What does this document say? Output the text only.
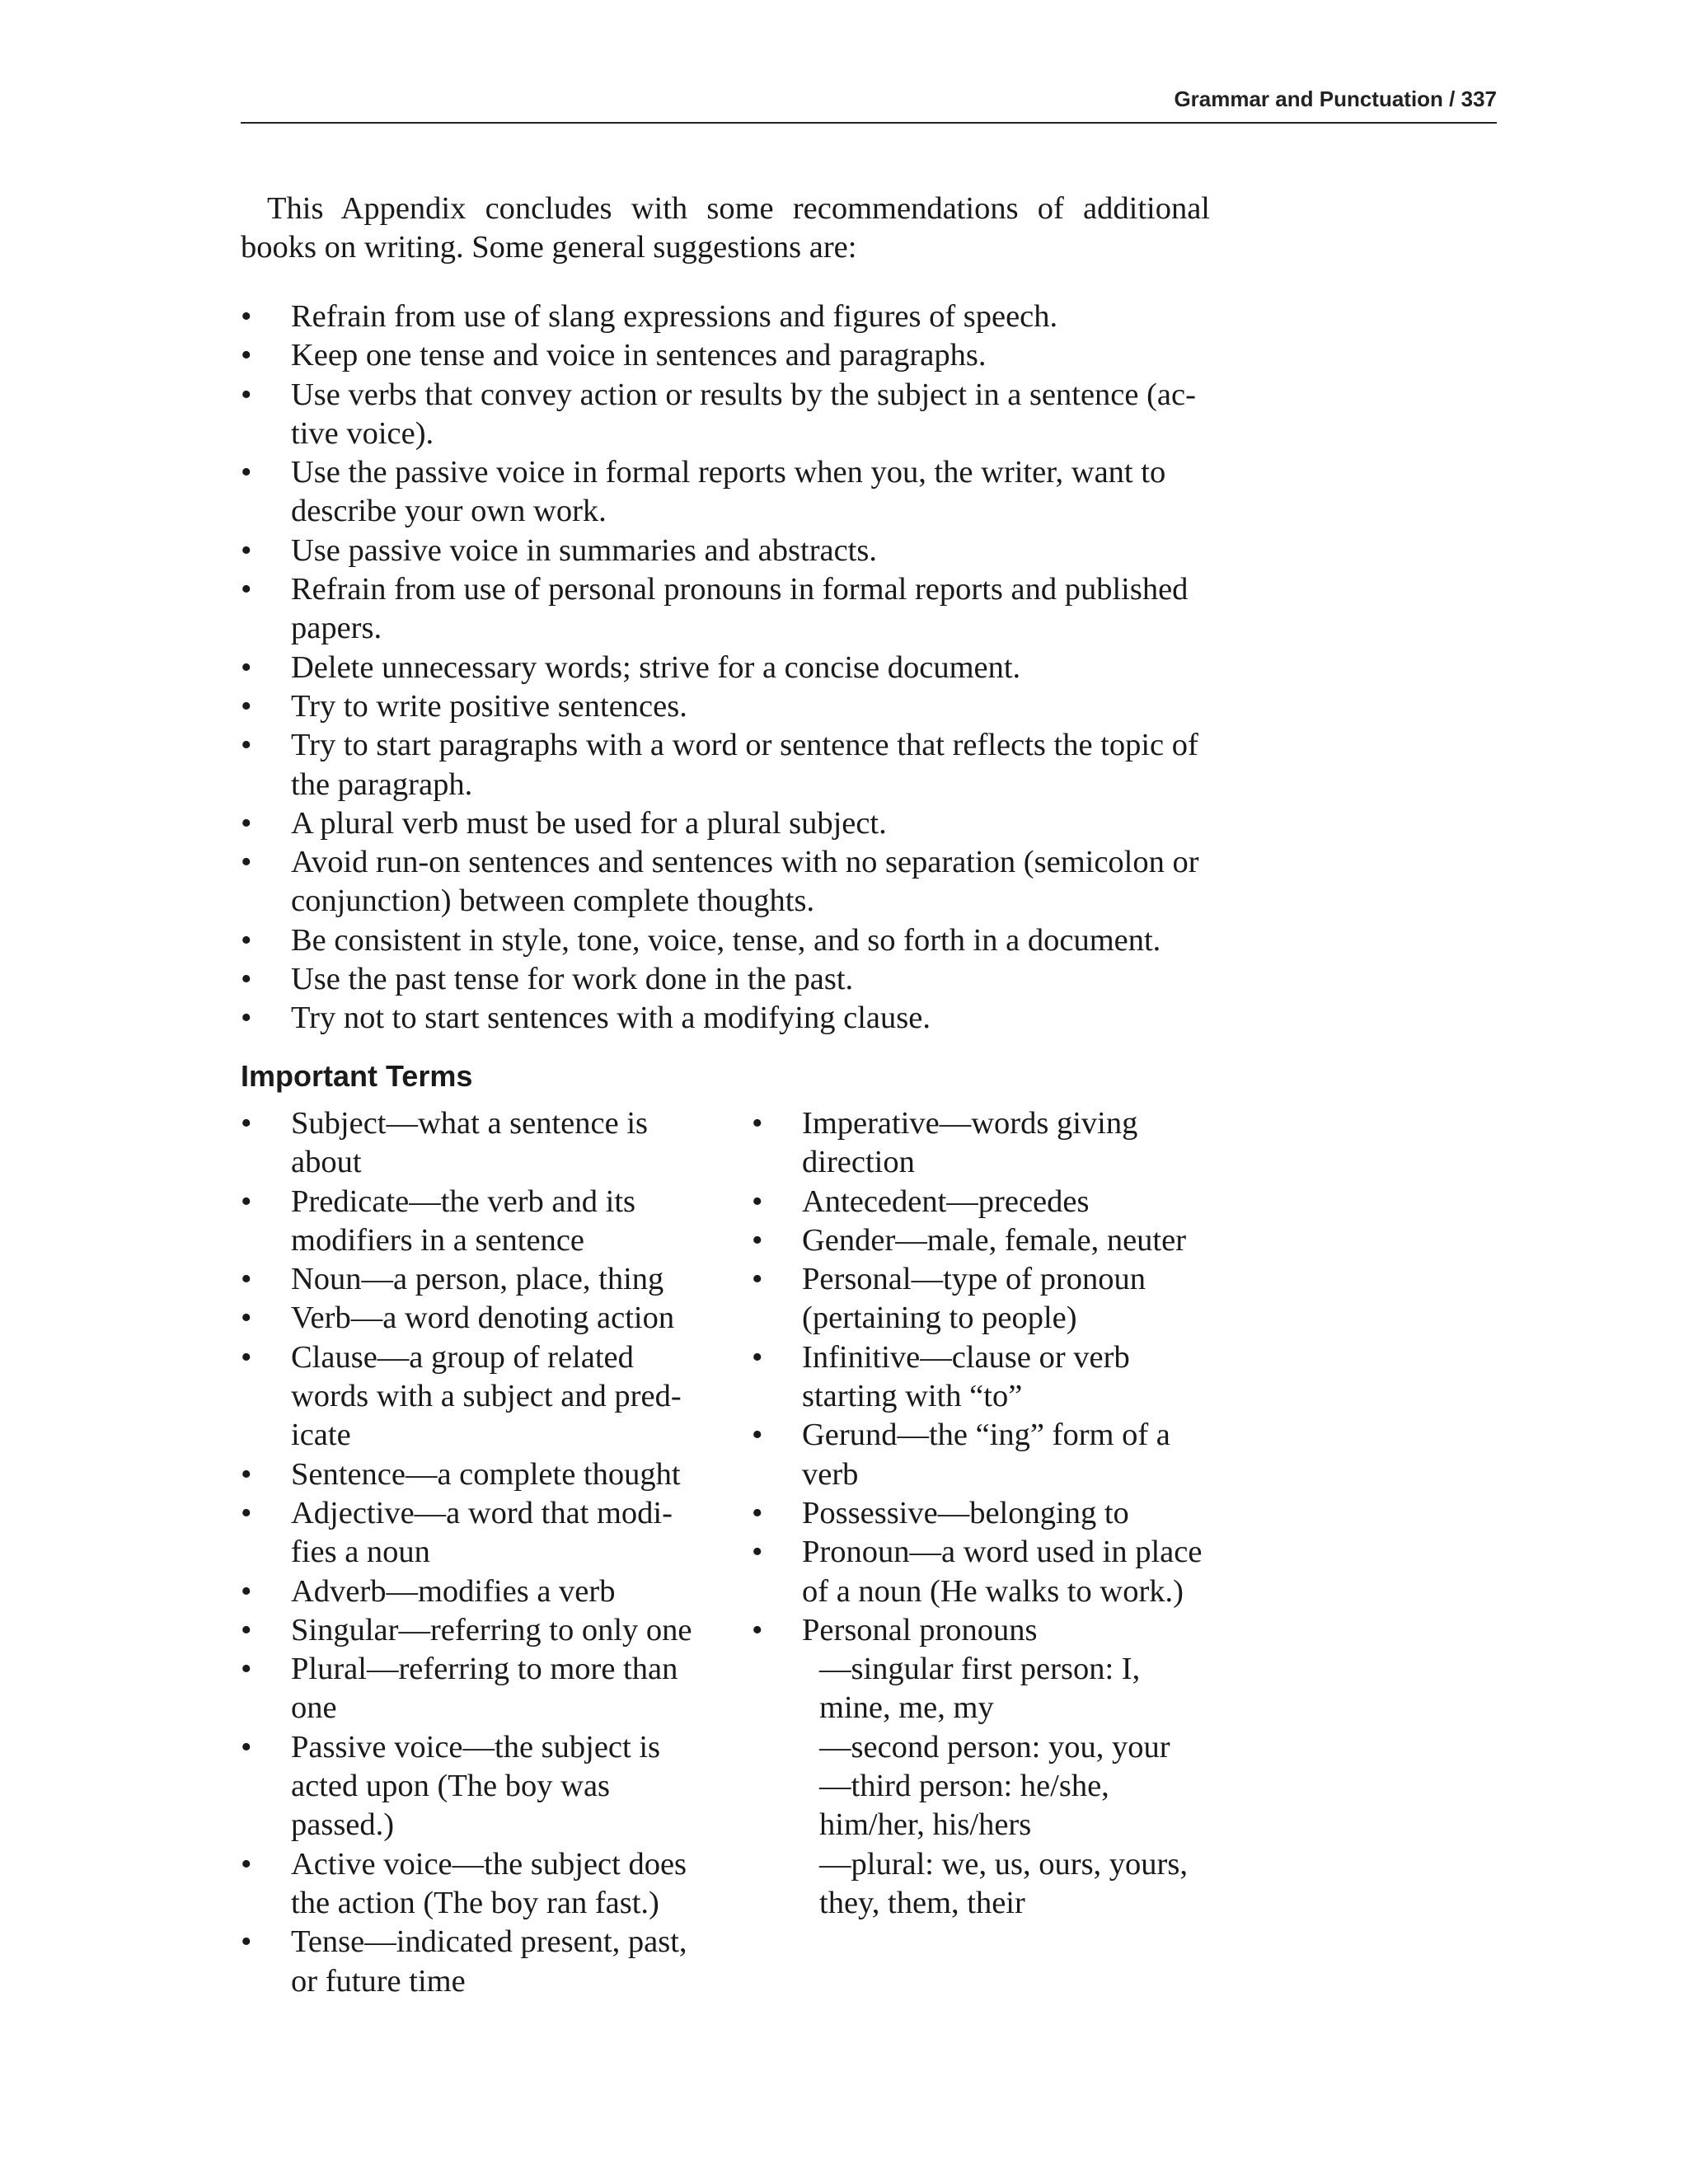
Grammar and Punctuation / 337

This Appendix concludes with some recommendations of additional books on writing. Some general suggestions are:

• Refrain from use of slang expressions and figures of speech.
• Keep one tense and voice in sentences and paragraphs.
• Use verbs that convey action or results by the subject in a sentence (ac-tive voice).
• Use the passive voice in formal reports when you, the writer, want to describe your own work.
• Use passive voice in summaries and abstracts.
• Refrain from use of personal pronouns in formal reports and published papers.
• Delete unnecessary words; strive for a concise document.
• Try to write positive sentences.
• Try to start paragraphs with a word or sentence that reflects the topic of the paragraph.
• A plural verb must be used for a plural subject.
• Avoid run-on sentences and sentences with no separation (semicolon or conjunction) between complete thoughts.
• Be consistent in style, tone, voice, tense, and so forth in a document.
• Use the past tense for work done in the past.
• Try not to start sentences with a modifying clause.
Important Terms
• Subject—what a sentence is about
• Predicate—the verb and its modifiers in a sentence
• Noun—a person, place, thing
• Verb—a word denoting action
• Clause—a group of related words with a subject and pred-icate
• Sentence—a complete thought
• Adjective—a word that modi-fies a noun
• Adverb—modifies a verb
• Singular—referring to only one
• Plural—referring to more than one
• Passive voice—the subject is acted upon (The boy was passed.)
• Active voice—the subject does the action (The boy ran fast.)
• Tense—indicated present, past, or future time
• Imperative—words giving direction
• Antecedent—precedes
• Gender—male, female, neuter
• Personal—type of pronoun (pertaining to people)
• Infinitive—clause or verb starting with “to”
• Gerund—the “ing” form of a verb
• Possessive—belonging to
• Pronoun—a word used in place of a noun (He walks to work.)
• Personal pronouns
—singular first person: I, mine, me, my
—second person: you, your
—third person: he/she, him/her, his/hers
—plural: we, us, ours, yours, they, them, their
